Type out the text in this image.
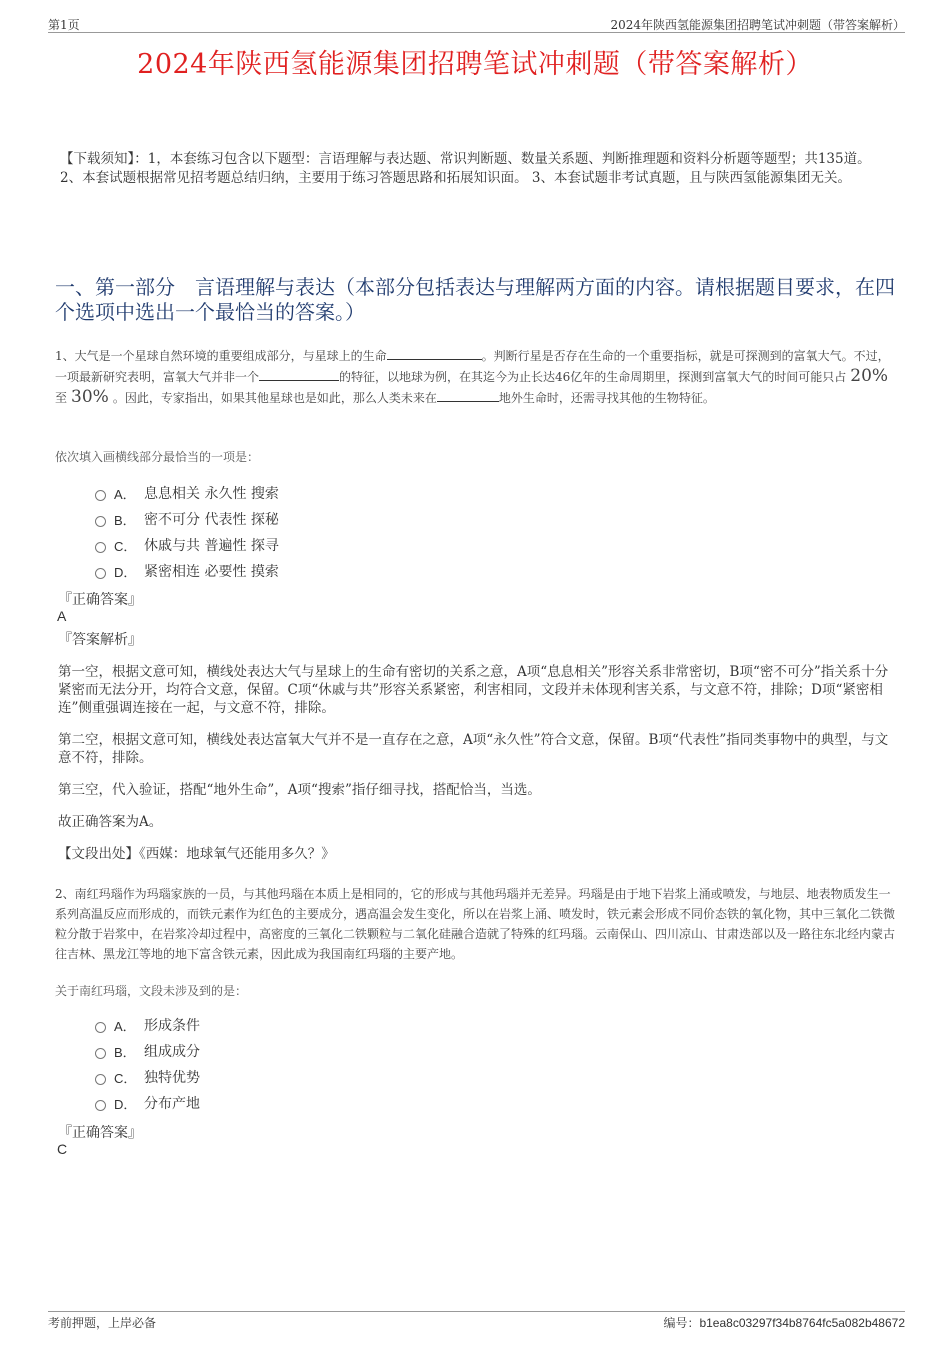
第1页	2024年陕西氢能源集团招聘笔试冲刺题（带答案解析）
2024年陕西氢能源集团招聘笔试冲刺题（带答案解析）
【下载须知】：1，本套练习包含以下题型：言语理解与表达题、常识判断题、数量关系题、判断推理题和资料分析题等题型；共135道。 2、本套试题根据常见招考题总结归纳，主要用于练习答题思路和拓展知识面。 3、本套试题非考试真题，且与陕西氢能源集团无关。
一、第一部分　言语理解与表达（本部分包括表达与理解两方面的内容。请根据题目要求，在四个选项中选出一个最恰当的答案。）
1、大气是一个星球自然环境的重要组成部分，与星球上的生命	。判断行星是否存在生命的一个重要指标，就是可探测到的富氧大气。不过，一项最新研究表明，富氧大气并非一个	的特征，以地球为例，在其迄今为止长达46亿年的生命周期里，探测到富氧大气的时间可能只占 20%至 30% 。因此，专家指出，如果其他星球也是如此，那么人类未来在	地外生命时，还需寻找其他的生物特征。
依次填入画横线部分最恰当的一项是：
A． 息息相关 永久性 搜索
B． 密不可分 代表性 探秘
C． 休戚与共 普遍性 探寻
D． 紧密相连 必要性 摸索
『正确答案』
A
『答案解析』

第一空，根据文意可知，横线处表达大气与星球上的生命有密切的关系之意，A项“息息相关”形容关系非常密切，B项“密不可分”指关系十分紧密而无法分开，均符合文意，保留。C项“休戚与共”形容关系紧密，利害相同，文段并未体现利害关系，与文意不符，排除；D项“紧密相连”侧重强调连接在一起，与文意不符，排除。

第二空，根据文意可知，横线处表达富氧大气并不是一直存在之意，A项“永久性”符合文意，保留。B项“代表性”指同类事物中的典型，与文意不符，排除。

第三空，代入验证，搭配“地外生命”，A项“搜索”指仔细寻找，搭配恰当，当选。

故正确答案为A。

【文段出处】《西媒：地球氧气还能用多久？》

2、南红玛瑙作为玛瑙家族的一员，与其他玛瑙在本质上是相同的，它的形成与其他玛瑙并无差异。玛瑙是由于地下岩浆上涌或喷发，与地层、地表物质发生一系列高温反应而形成的，而铁元素作为红色的主要成分，遇高温会发生变化，所以在岩浆上涌、喷发时，铁元素会形成不同价态铁的氧化物，其中三氧化二铁微粒分散于岩浆中，在岩浆冷却过程中，高密度的三氧化二铁颗粒与二氧化硅融合造就了特殊的红玛瑙。云南保山、四川凉山、甘肃迭部以及一路往东北经内蒙古往吉林、黑龙江等地的地下富含铁元素，因此成为我国南红玛瑙的主要产地。
关于南红玛瑙，文段未涉及到的是：
A． 形成条件
B． 组成成分
C． 独特优势
D． 分布产地
『正确答案』
C
考前押题，上岸必备	编号：b1ea8c03297f34b8764fc5a082b48672
